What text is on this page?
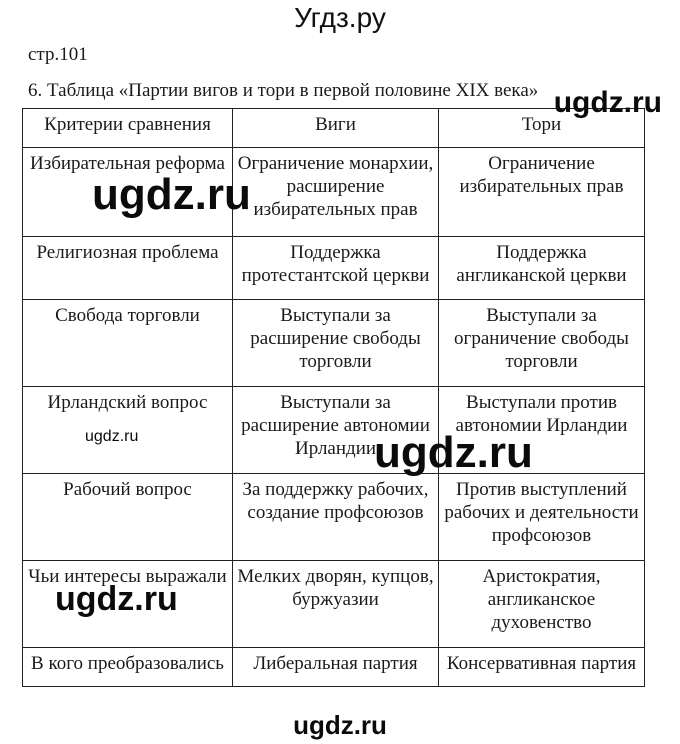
Угдз.ру
стр.101
6. Таблица «Партии вигов и тори в первой половине XIX века»
Критерии сравнения	Виги	Тори
Избирательная реформа	Ограничение монархии, расширение избирательных прав	Ограничение избирательных прав
Религиозная проблема	Поддержка протестантской церкви	Поддержка англиканской церкви
Свобода торговли	Выступали за расширение свободы торговли	Выступали за ограничение свободы торговли
Ирландский вопрос	Выступали за расширение автономии Ирландии	Выступали против автономии Ирландии
Рабочий вопрос	За поддержку рабочих, создание профсоюзов	Против выступлений рабочих и деятельности профсоюзов
Чьи интересы выражали	Мелких дворян, купцов, буржуазии	Аристократия, англиканское духовенство
В кого преобразовались	Либеральная партия	Консервативная партия
ugdz.ru
ugdz.ru
ugdz.ru	ugdz.ru
ugdz.ru
ugdz.ru
